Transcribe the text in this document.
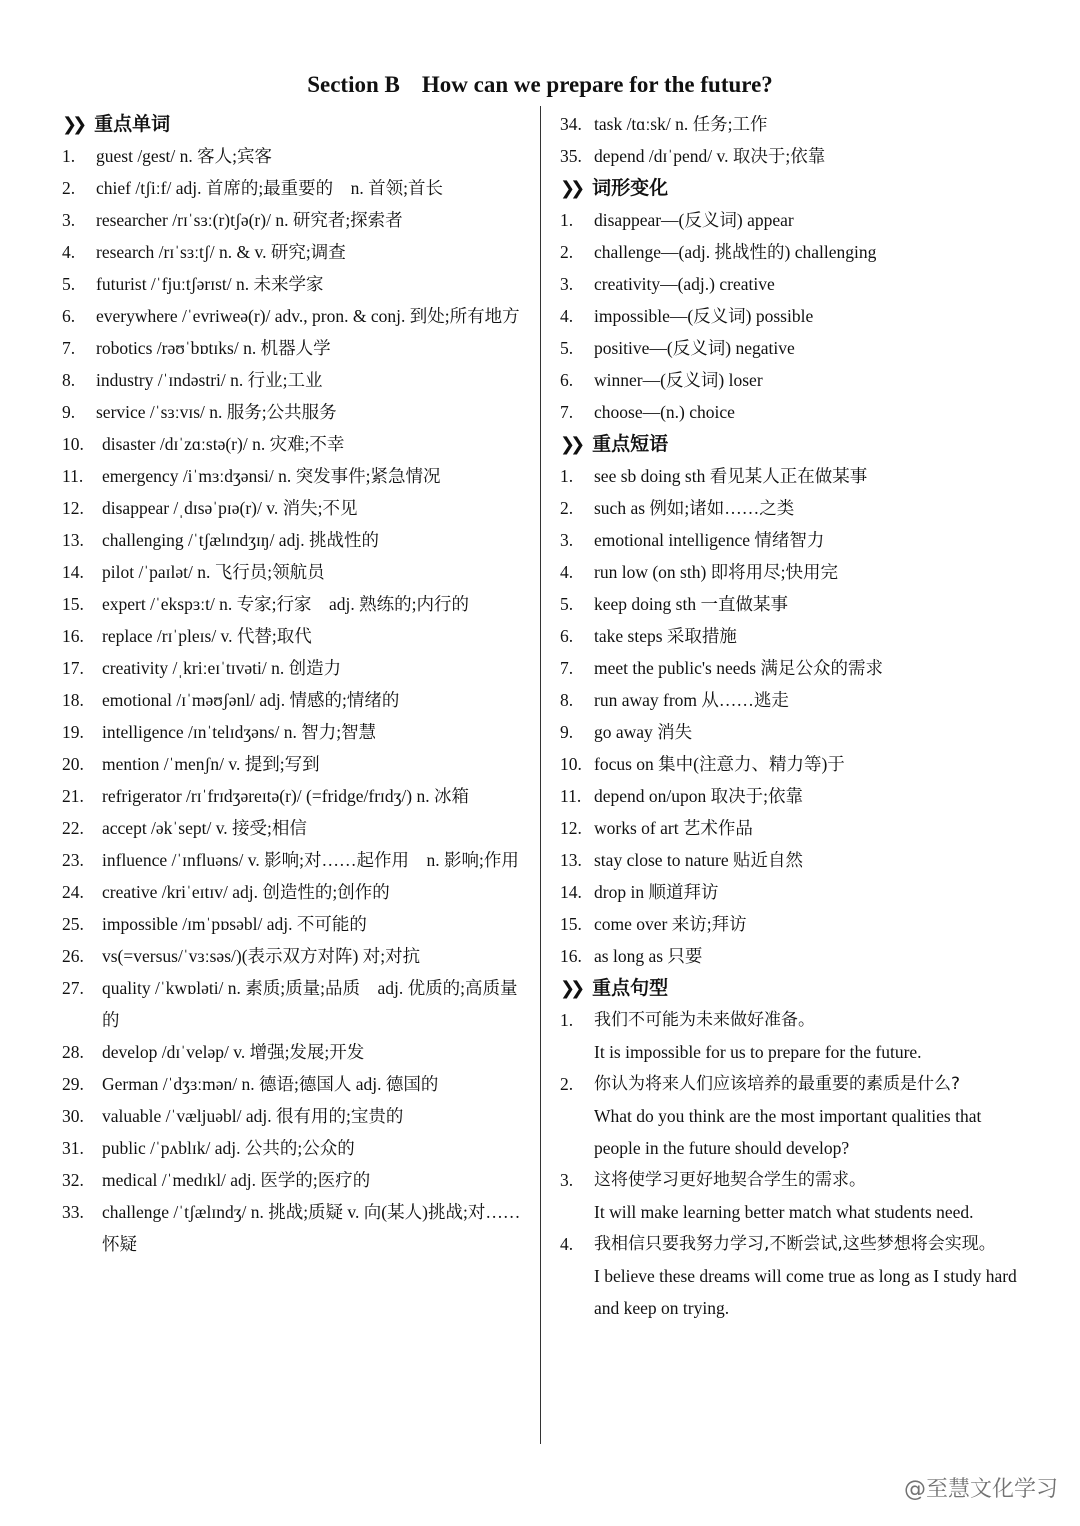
Section B How can we prepare for the future?
❯❯ 重点单词
1.	guest /gest/ n. 客人;宾客
2.	chief /tʃiːf/ adj. 首席的;最重要的　n. 首领;首长
3.	researcher /rɪˈsɜː(r)tʃə(r)/ n. 研究者;探索者
4.	research /rɪˈsɜːtʃ/ n. & v. 研究;调查
5.	futurist /ˈfjuːtʃərɪst/ n. 未来学家
6.	everywhere /ˈevriweə(r)/ adv., pron. & conj. 到处;所有地方
7.	robotics /rəʊˈbɒtɪks/ n. 机器人学
8.	industry /ˈɪndəstri/ n. 行业;工业
9.	service /ˈsɜːvɪs/ n. 服务;公共服务
10.	disaster /dɪˈzɑːstə(r)/ n. 灾难;不幸
11.	emergency /iˈmɜːdʒənsi/ n. 突发事件;紧急情况
12.	disappear /ˌdɪsəˈpɪə(r)/ v. 消失;不见
13.	challenging /ˈtʃælɪndʒɪŋ/ adj. 挑战性的
14.	pilot /ˈpaɪlət/ n. 飞行员;领航员
15.	expert /ˈekspɜːt/ n. 专家;行家　adj. 熟练的;内行的
16.	replace /rɪˈpleɪs/ v. 代替;取代
17.	creativity /ˌkriːeɪˈtɪvəti/ n. 创造力
18.	emotional /ɪˈməʊʃənl/ adj. 情感的;情绪的
19.	intelligence /ɪnˈtelɪdʒəns/ n. 智力;智慧
20.	mention /ˈmenʃn/ v. 提到;写到
21.	refrigerator /rɪˈfrɪdʒəreɪtə(r)/ (=fridge/frɪdʒ/) n. 冰箱
22.	accept /əkˈsept/ v. 接受;相信
23.	influence /ˈɪnfluəns/ v. 影响;对……起作用　n. 影响;作用
24.	creative /kriˈeɪtɪv/ adj. 创造性的;创作的
25.	impossible /ɪmˈpɒsəbl/ adj. 不可能的
26.	vs(=versus/ˈvɜːsəs/)(表示双方对阵) 对;对抗
27.	quality /ˈkwɒləti/ n. 素质;质量;品质　adj. 优质的;高质量的
28.	develop /dɪˈveləp/ v. 增强;发展;开发
29.	German /ˈdʒɜːmən/ n. 德语;德国人 adj. 德国的
30.	valuable /ˈvæljuəbl/ adj. 很有用的;宝贵的
31.	public /ˈpʌblɪk/ adj. 公共的;公众的
32.	medical /ˈmedɪkl/ adj. 医学的;医疗的
33.	challenge /ˈtʃælɪndʒ/ n. 挑战;质疑 v. 向(某人)挑战;对……怀疑
34. task /tɑːsk/ n. 任务;工作
35. depend /dɪˈpend/ v. 取决于;依靠
❯❯ 词形变化
1.	disappear—(反义词) appear
2.	challenge—(adj. 挑战性的) challenging
3.	creativity—(adj.) creative
4.	impossible—(反义词) possible
5.	positive—(反义词) negative
6.	winner—(反义词) loser
7.	choose—(n.) choice
❯❯ 重点短语
1.	see sb doing sth 看见某人正在做某事
2.	such as 例如;诸如……之类
3.	emotional intelligence 情绪智力
4.	run low (on sth) 即将用尽;快用完
5.	keep doing sth 一直做某事
6.	take steps 采取措施
7.	meet the public's needs 满足公众的需求
8.	run away from 从……逃走
9.	go away 消失
10. focus on 集中(注意力、精力等)于
11. depend on/upon 取决于;依靠
12. works of art 艺术作品
13. stay close to nature 贴近自然
14. drop in 顺道拜访
15. come over 来访;拜访
16. as long as 只要
❯❯ 重点句型
1.	我们不可能为未来做好准备。
It is impossible for us to prepare for the future.
2.	你认为将来人们应该培养的最重要的素质是什么?
What do you think are the most important qualities that people in the future should develop?
3.	这将使学习更好地契合学生的需求。
It will make learning better match what students need.
4.	我相信只要我努力学习,不断尝试,这些梦想将会实现。
I believe these dreams will come true as long as I study hard and keep on trying.
@至慧文化学习
